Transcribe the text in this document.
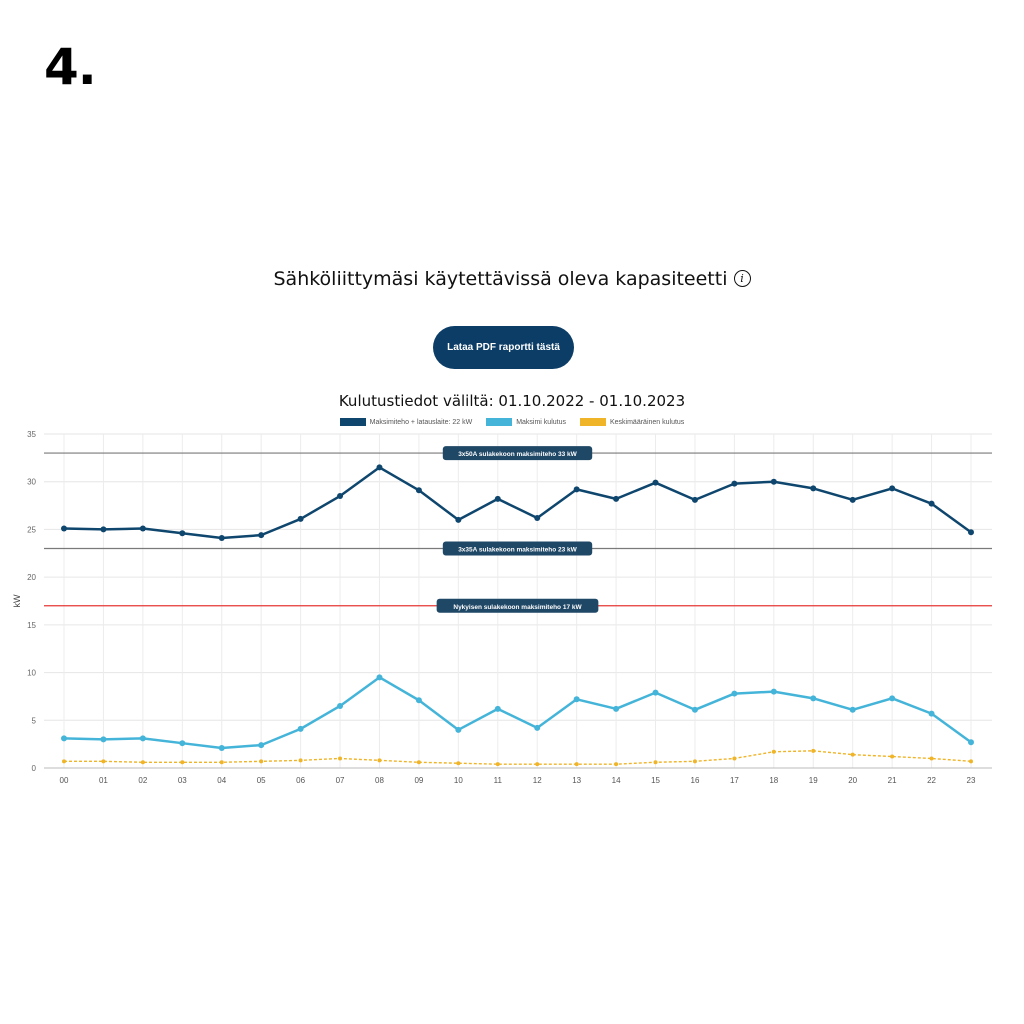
4.
Sähköliittymäsi käytettävissä oleva kapasiteetti i
Lataa PDF raportti tästä
Kulutustiedot väliltä: 01.10.2022 - 01.10.2023
Maksimiteho + latauslaite: 22 kW	Maksimi kulutus	Keskimääräinen kulutus
0
5
10
15
20
25
30
35
00	01	02	03	04	05	06	07	08	09	10	11	12	13	14	15	16	17	18	19	20	21	22	23
kW
3x50A sulakekoon maksimiteho 33 kW
3x35A sulakekoon maksimiteho 23 kW
Nykyisen sulakekoon maksimiteho 17 kW
